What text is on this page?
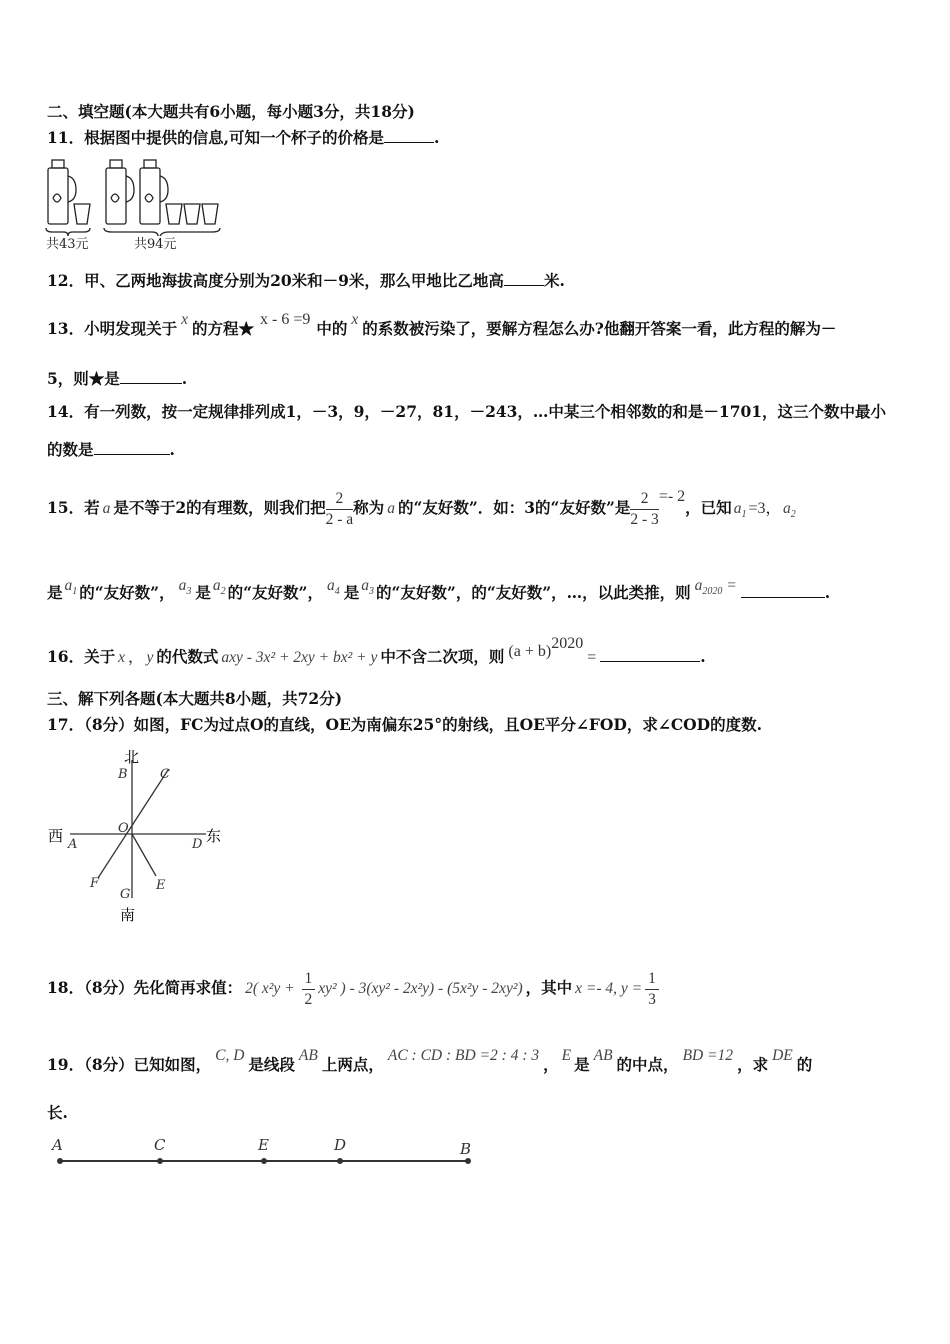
二、填空题(本大题共有6小题，每小题3分，共18分)
11．根据图中提供的信息,可知一个杯子的价格是	.
共43元	共94元
12．甲、乙两地海拔高度分别为20米和－9米，那么甲地比乙地高	米.
13．小明发现关于 x 的方程★ x - 6 =9 中的 x 的系数被污染了，要解方程怎么办?他翻开答案一看，此方程的解为－
5，则★是	.
14．有一列数，按一定规律排列成1，－3，9，－27，81，－243，…中某三个相邻数的和是－1701，这三个数中最小
的数是	.
15．若 a 是不等于2的有理数，则我们把 $\frac{2}{2 - a}$ 称为 a 的“友好数”．如：3的“友好数”是 $\frac{2}{2 - 3} =- 2$，已知 $a_1 =3$， $a_2$
是 $a_1$ 的“友好数”， $a_3$ 是 $a_2$ 的“友好数”， $a_4$ 是 $a_3$ 的“友好数”，的“友好数”，…，以此类推，则 $a_{2020}$ =	.
16．关于 x ， y 的代数式 axy - 3x² + 2xy + bx² + y 中不含二次项，则 $(a + b)^{2020}=$	.
三、解下列各题(本大题共8小题，共72分)
17．（8分）如图，FC为过点O的直线，OE为南偏东25°的射线，且OE平分∠FOD，求∠COD的度数.
北
南
西	东
B C
O
A	D
F
G
E
18．（8分）先化简再求值： 2( $x^2y + \frac{1}{2} xy^2$ ) - 3(xy² - 2x²y) - (5x²y - 2xy²) ，其中 x =- 4, $y = \frac{1}{3}$
19．（8分）已知如图， C, D 是线段 AB 上两点， AC : CD : BD =2 : 4 : 3 ， E 是 AB 的中点， BD =12 ，求 DE 的
长.
A	C	E	D	B
